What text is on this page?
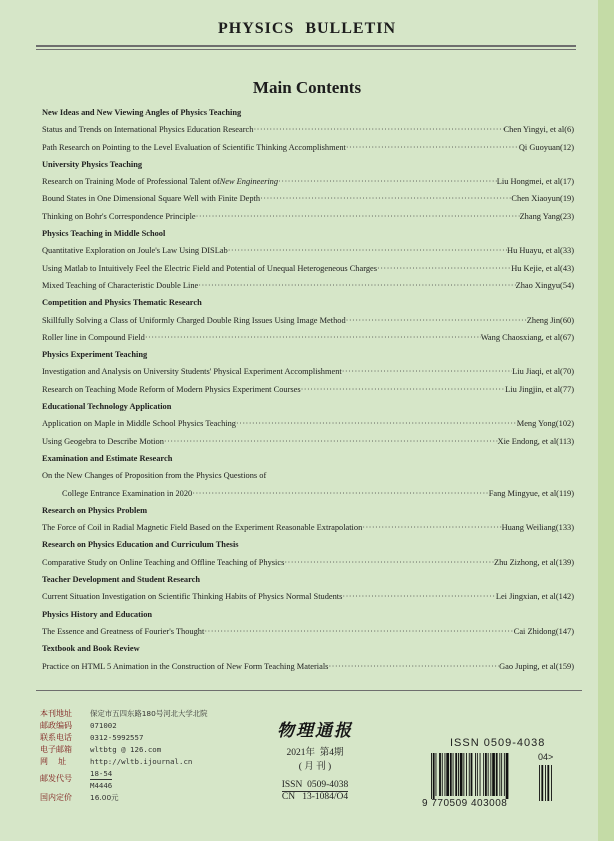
PHYSICS BULLETIN
Main Contents
New Ideas and New Viewing Angles of Physics Teaching
Status and Trends on International Physics Education Research ·····	Chen Yingyi, et al(6)
Path Research on Pointing to the Level Evaluation of Scientific Thinking Accomplishment ·····	Qi Guoyuan(12)
University Physics Teaching
Research on Training Mode of Professional Talent of New Engineering ·····	Liu Hongmei, et al(17)
Bound States in One Dimensional Square Well with Finite Depth ·····	Chen Xiaoyun(19)
Thinking on Bohr's Correspondence Principle ·····	Zhang Yang(23)
Physics Teaching in Middle School
Quantitative Exploration on Joule's Law Using DISLab ·····	Hu Huayu, et al(33)
Using Matlab to Intuitively Feel the Electric Field and Potential of Unequal Heterogeneous Charges ·····	Hu Kejie, et al(43)
Mixed Teaching of Characteristic Double Line ·····	Zhao Xingyu(54)
Competition and Physics Thematic Research
Skillfully Solving a Class of Uniformly Charged Double Ring Issues Using Image Method ·····	Zheng Jin(60)
Roller line in Compound Field ·····	Wang Chaosxiang, et al(67)
Physics Experiment Teaching
Investigation and Analysis on University Students' Physical Experiment Accomplishment ·····	Liu Jiaqi, et al(70)
Research on Teaching Mode Reform of Modern Physics Experiment Courses ·····	Liu Jingjin, et al(77)
Educational Technology Application
Application on Maple in Middle School Physics Teaching ·····	Meng Yong(102)
Using Geogebra to Describe Motion ·····	Xie Endong, et al(113)
Examination and Estimate Research
On the New Changes of Proposition from the Physics Questions of
College Entrance Examination in 2020 ·····	Fang Mingyue, et al(119)
Research on Physics Problem
The Force of Coil in Radial Magnetic Field Based on the Experiment Reasonable Extrapolation ·····	Huang Weiliang(133)
Research on Physics Education and Curriculum Thesis
Comparative Study on Online Teaching and Offline Teaching of Physics ·····	Zhu Zizhong, et al(139)
Teacher Development and Student Research
Current Situation Investigation on Scientific Thinking Habits of Physics Normal Students ·····	Lei Jingxian, et al(142)
Physics History and Education
The Essence and Greatness of Fourier's Thought ·····	Cai Zhidong(147)
Textbook and Book Review
Practice on HTML 5 Animation in the Construction of New Form Teaching Materials ·····	Gao Juping, et al(159)
本刊地址	保定市五四东路180号河北大学北院
邮政编码	071002
联系电话	0312-5992557
电子邮箱	wltbtg @ 126.com
网    址	http://wltb.ijournal.cn
邮发代号
18-54
M4446
国内定价	16.00元
物理通报
2021年  第4期
( 月 刊 )
ISSN  0509-4038
CN   13-1084/O4
ISSN 0509-4038
04>
9 770509 403008
